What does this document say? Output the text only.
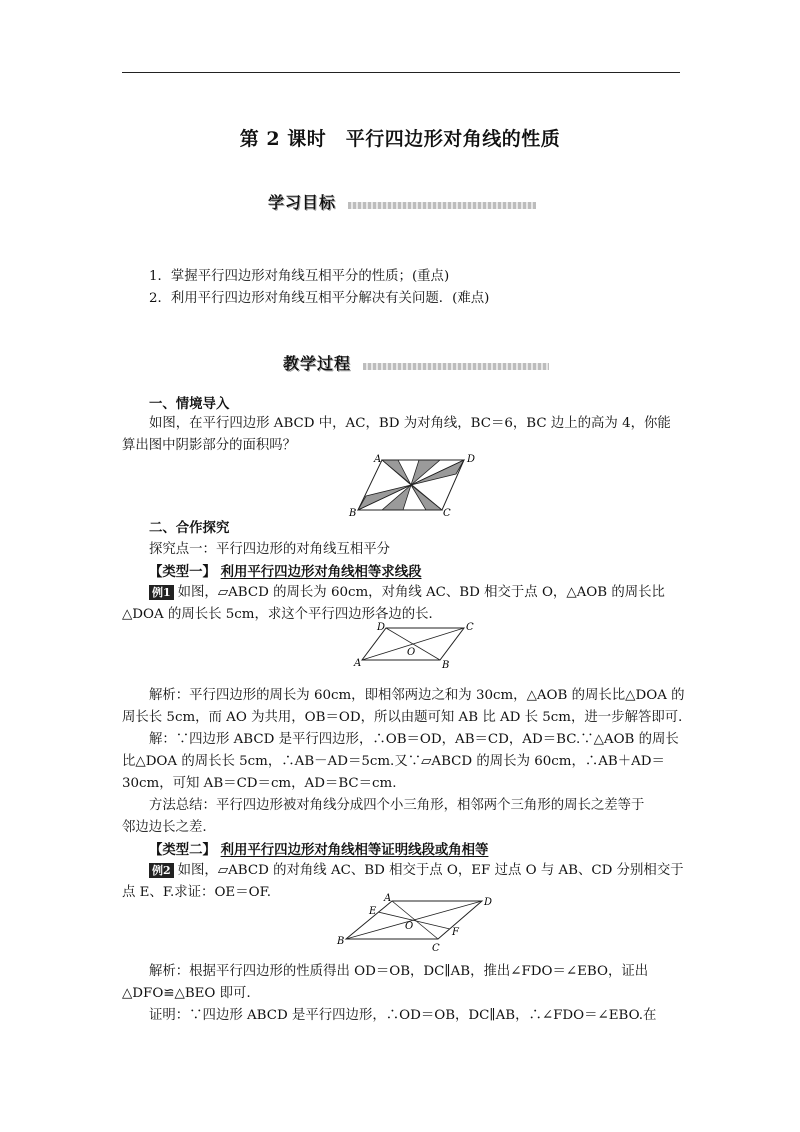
第 2 课时　平行四边形对角线的性质
学习目标
1．掌握平行四边形对角线互相平分的性质；(重点)
2．利用平行四边形对角线互相平分解决有关问题．(难点)
教学过程
一、情境导入
如图，在平行四边形 ABCD 中，AC，BD 为对角线，BC＝6，BC 边上的高为 4，你能
算出图中阴影部分的面积吗？
A	D
B	C
二、合作探究
探究点一：平行四边形的对角线互相平分
【类型一】 利用平行四边形对角线相等求线段
例1 如图，▱ABCD 的周长为 60cm，对角线 AC、BD 相交于点 O，△AOB 的周长比
△DOA 的周长长 5cm，求这个平行四边形各边的长．
D	C
O
A	B
解析：平行四边形的周长为 60cm，即相邻两边之和为 30cm，△AOB 的周长比△DOA 的
周长长 5cm，而 AO 为共用，OB＝OD，所以由题可知 AB 比 AD 长 5cm，进一步解答即可．
解：∵四边形 ABCD 是平行四边形，∴OB＝OD，AB＝CD，AD＝BC.∵△AOB 的周长
比△DOA 的周长长 5cm，∴AB－AD＝5cm.又∵▱ABCD 的周长为 60cm，∴AB＋AD＝
30cm，可知 AB＝CD＝cm，AD＝BC＝cm.
方法总结：平行四边形被对角线分成四个小三角形，相邻两个三角形的周长之差等于
邻边边长之差.
【类型二】 利用平行四边形对角线相等证明线段或角相等
例2 如图，▱ABCD 的对角线 AC、BD 相交于点 O，EF 过点 O 与 AB、CD 分别相交于
点 E、F.求证：OE＝OF.	A	D
E
O
F
B
C
解析：根据平行四边形的性质得出 OD＝OB，DC∥AB，推出∠FDO＝∠EBO，证出
△DFO≌△BEO 即可．
证明：∵四边形 ABCD 是平行四边形，∴OD＝OB，DC∥AB，∴∠FDO＝∠EBO.在
